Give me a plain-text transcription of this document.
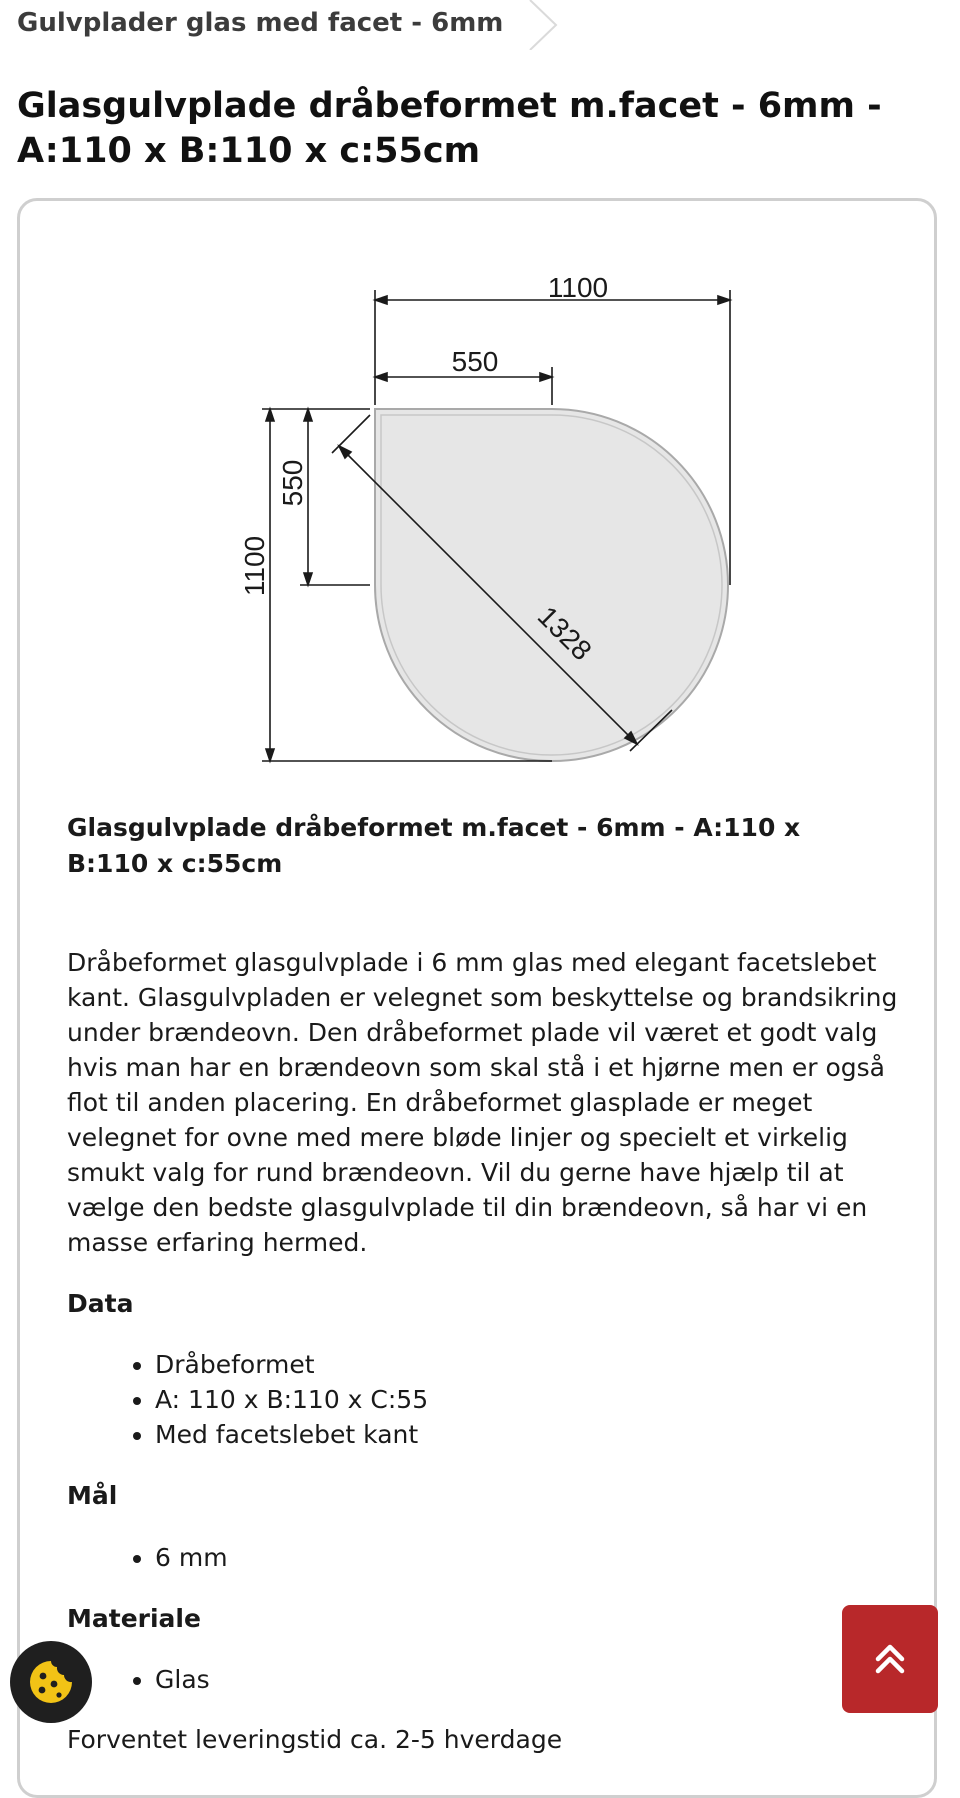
Gulvplader glas med facet - 6mm
Glasgulvplade dråbeformet m.facet - 6mm - A:110 x B:110 x c:55cm
1100
550
550
1100
1328

Glasgulvplade dråbeformet m.facet - 6mm - A:110 x B:110 x c:55cm

Dråbeformet glasgulvplade i 6 mm glas med elegant facetslebet kant. Glasgulvpladen er velegnet som beskyttelse og brandsikring under brændeovn. Den dråbeformet plade vil været et godt valg hvis man har en brændeovn som skal stå i et hjørne men er også flot til anden placering. En dråbeformet glasplade er meget velegnet for ovne med mere bløde linjer og specielt et virkelig smukt valg for rund brændeovn. Vil du gerne have hjælp til at vælge den bedste glasgulvplade til din brændeovn, så har vi en masse erfaring hermed.

Data
• Dråbeformet
• A: 110 x B:110 x C:55
• Med facetslebet kant
Mål
• 6 mm
Materiale
• Glas
Forventet leveringstid ca. 2-5 hverdage
